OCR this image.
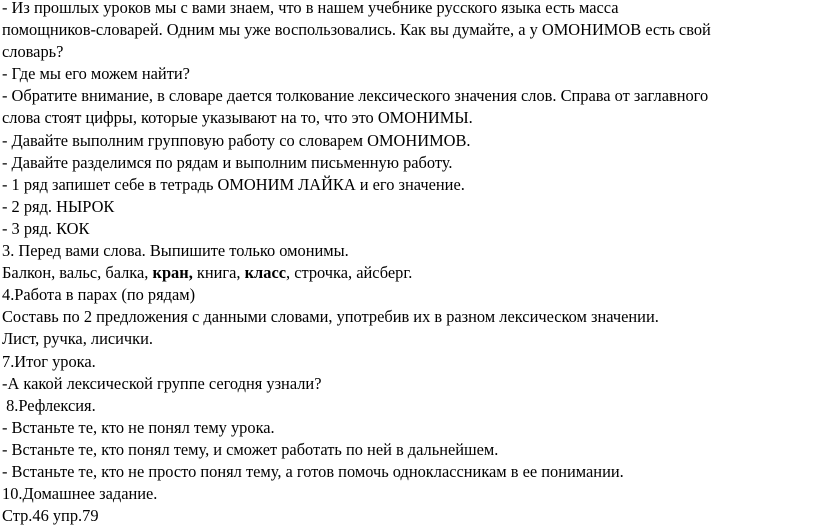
- Из прошлых уроков мы с вами знаем, что в нашем учебнике русского языка есть масса

помощников-словарей. Одним мы уже воспользовались. Как вы думайте, а у ОМОНИМОВ есть свой

словарь?

- Где мы его можем найти?

- Обратите внимание, в словаре дается толкование лексического значения слов. Справа от заглавного

слова стоят цифры, которые указывают на то, что это ОМОНИМЫ.

- Давайте выполним групповую работу со словарем ОМОНИМОВ.

- Давайте разделимся по рядам и выполним письменную работу.

- 1 ряд запишет себе в тетрадь ОМОНИМ ЛАЙКА и его значение.

- 2 ряд. НЫРОК

- 3 ряд. КОК

3. Перед вами слова. Выпишите только омонимы.

Балкон, вальс, балка, кран, книга, класс, строчка, айсберг.

4.Работа в парах (по рядам)

Составь по 2 предложения с данными словами, употребив их в разном лексическом значении.

Лист, ручка, лисички.

7.Итог урока.

-А какой лексической группе сегодня узнали?

8.Рефлексия.

- Встаньте те, кто не понял тему урока.

- Встаньте те, кто понял тему, и сможет работать по ней в дальнейшем.

- Встаньте те, кто не просто понял тему, а готов помочь одноклассникам в ее понимании.

10.Домашнее задание.

Стр.46 упр.79
